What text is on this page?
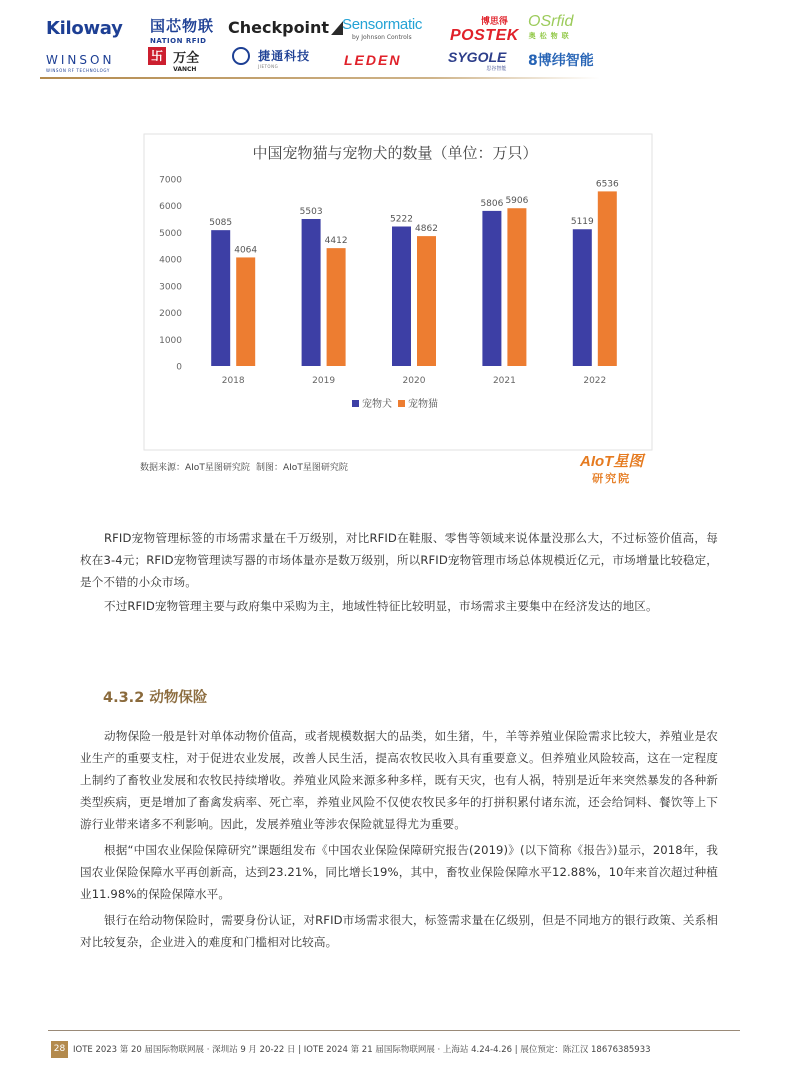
Kiloway 国芯物联
NATION RFID
Checkpoint Sensormatic
by Johnson Controls
博思得
POSTEK
OSrfid
奥松物联
WINSON
WINSON RF TECHNOLOGY
卐 万全
VANCH

捷通科技
JIETONG	LEDEN	SYGOLE
思谷智能 8博纬智能
中国宠物猫与宠物犬的数量（单位：万只）
0
1000
2000
3000
4000
5000
6000
7000
5085
4064
5503
4412
5222
4862
5806 5906
5119
6536
2018	2019	2020	2021	2022
宠物犬 宠物猫
数据来源：AIoT星图研究院 制图：AIoT星图研究院	AIoT星图
研究院

RFID宠物管理标签的市场需求量在千万级别，对比RFID在鞋服、零售等领域来说体量没那么大，不过标签价值高，每枚在3-4元；RFID宠物管理读写器的市场体量亦是数万级别，所以RFID宠物管理市场总体规模近亿元，市场增量比较稳定，是个不错的小众市场。

不过RFID宠物管理主要与政府集中采购为主，地域性特征比较明显，市场需求主要集中在经济发达的地区。

4.3.2 动物保险

动物保险一般是针对单体动物价值高，或者规模数据大的品类，如生猪，牛，羊等养殖业保险需求比较大，养殖业是农业生产的重要支柱，对于促进农业发展，改善人民生活，提高农牧民收入具有重要意义。但养殖业风险较高，这在一定程度上制约了畜牧业发展和农牧民持续增收。养殖业风险来源多种多样，既有天灾，也有人祸，特别是近年来突然暴发的各种新类型疾病，更是增加了畜禽发病率、死亡率，养殖业风险不仅使农牧民多年的打拼积累付诸东流，还会给饲料、餐饮等上下游行业带来诸多不利影响。因此，发展养殖业等涉农保险就显得尤为重要。

根据“中国农业保险保障研究”课题组发布《中国农业保险保障研究报告(2019)》(以下简称《报告》)显示，2018年，我国农业保险保障水平再创新高，达到23.21%，同比增长19%，其中，畜牧业保险保障水平12.88%，10年来首次超过种植业11.98%的保险保障水平。

银行在给动物保险时，需要身份认证，对RFID市场需求很大，标签需求量在亿级别，但是不同地方的银行政策、关系相对比较复杂，企业进入的难度和门槛相对比较高。

28 IOTE 2023 第 20 届国际物联网展 · 深圳站 9 月 20-22 日 | IOTE 2024 第 21 届国际物联网展 · 上海站 4.24-4.26 | 展位预定：陈江汉 18676385933
